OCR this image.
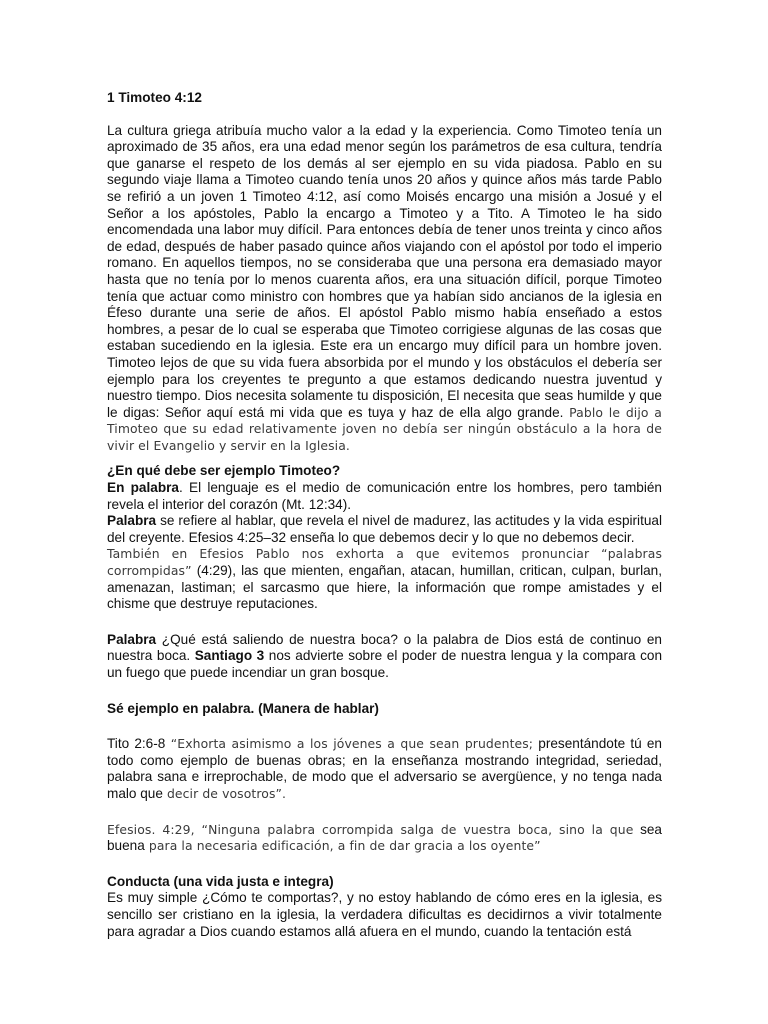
1 Timoteo 4:12

La cultura griega atribuía mucho valor a la edad y la experiencia. Como Timoteo tenía un aproximado de 35 años, era una edad menor según los parámetros de esa cultura, tendría que ganarse el respeto de los demás al ser ejemplo en su vida piadosa. Pablo en su segundo viaje llama a Timoteo cuando tenía unos 20 años y quince años más tarde Pablo se refirió a un joven 1 Timoteo 4:12, así como Moisés encargo una misión a Josué y el Señor a los apóstoles, Pablo la encargo a Timoteo y a Tito. A Timoteo le ha sido encomendada una labor muy difícil. Para entonces debía de tener unos treinta y cinco años de edad, después de haber pasado quince años viajando con el apóstol por todo el imperio romano. En aquellos tiempos, no se consideraba que una persona era demasiado mayor hasta que no tenía por lo menos cuarenta años, era una situación difícil, porque Timoteo tenía que actuar como ministro con hombres que ya habían sido ancianos de la iglesia en Éfeso durante una serie de años. El apóstol Pablo mismo había enseñado a estos hombres, a pesar de lo cual se esperaba que Timoteo corrigiese algunas de las cosas que estaban sucediendo en la iglesia. Este era un encargo muy difícil para un hombre joven. Timoteo lejos de que su vida fuera absorbida por el mundo y los obstáculos el debería ser ejemplo para los creyentes te pregunto a que estamos dedicando nuestra juventud y nuestro tiempo. Dios necesita solamente tu disposición, El necesita que seas humilde y que le digas: Señor aquí está mi vida que es tuya y haz de ella algo grande. Pablo le dijo a Timoteo que su edad relativamente joven no debía ser ningún obstáculo a la hora de vivir el Evangelio y servir en la Iglesia.

¿En qué debe ser ejemplo Timoteo?

En palabra. El lenguaje es el medio de comunicación entre los hombres, pero también revela el interior del corazón (Mt. 12:34).

Palabra se refiere al hablar, que revela el nivel de madurez, las actitudes y la vida espiritual del creyente. Efesios 4:25–32 enseña lo que debemos decir y lo que no debemos decir.

También en Efesios Pablo nos exhorta a que evitemos pronunciar “palabras corrompidas” (4:29), las que mienten, engañan, atacan, humillan, critican, culpan, burlan, amenazan, lastiman; el sarcasmo que hiere, la información que rompe amistades y el chisme que destruye reputaciones.

Palabra ¿Qué está saliendo de nuestra boca? o la palabra de Dios está de continuo en nuestra boca. Santiago 3 nos advierte sobre el poder de nuestra lengua y la compara con un fuego que puede incendiar un gran bosque.

Sé ejemplo en palabra. (Manera de hablar)

Tito 2:6-8 “Exhorta asimismo a los jóvenes a que sean prudentes; presentándote tú en todo como ejemplo de buenas obras; en la enseñanza mostrando integridad, seriedad, palabra sana e irreprochable, de modo que el adversario se avergüence, y no tenga nada malo que decir de vosotros”.

Efesios. 4:29, “Ninguna palabra corrompida salga de vuestra boca, sino la que sea buena para la necesaria edificación, a fin de dar gracia a los oyente”

Conducta (una vida justa e integra)

Es muy simple ¿Cómo te comportas?, y no estoy hablando de cómo eres en la iglesia, es sencillo ser cristiano en la iglesia, la verdadera dificultas es decidirnos a vivir totalmente para agradar a Dios cuando estamos allá afuera en el mundo, cuando la tentación está
